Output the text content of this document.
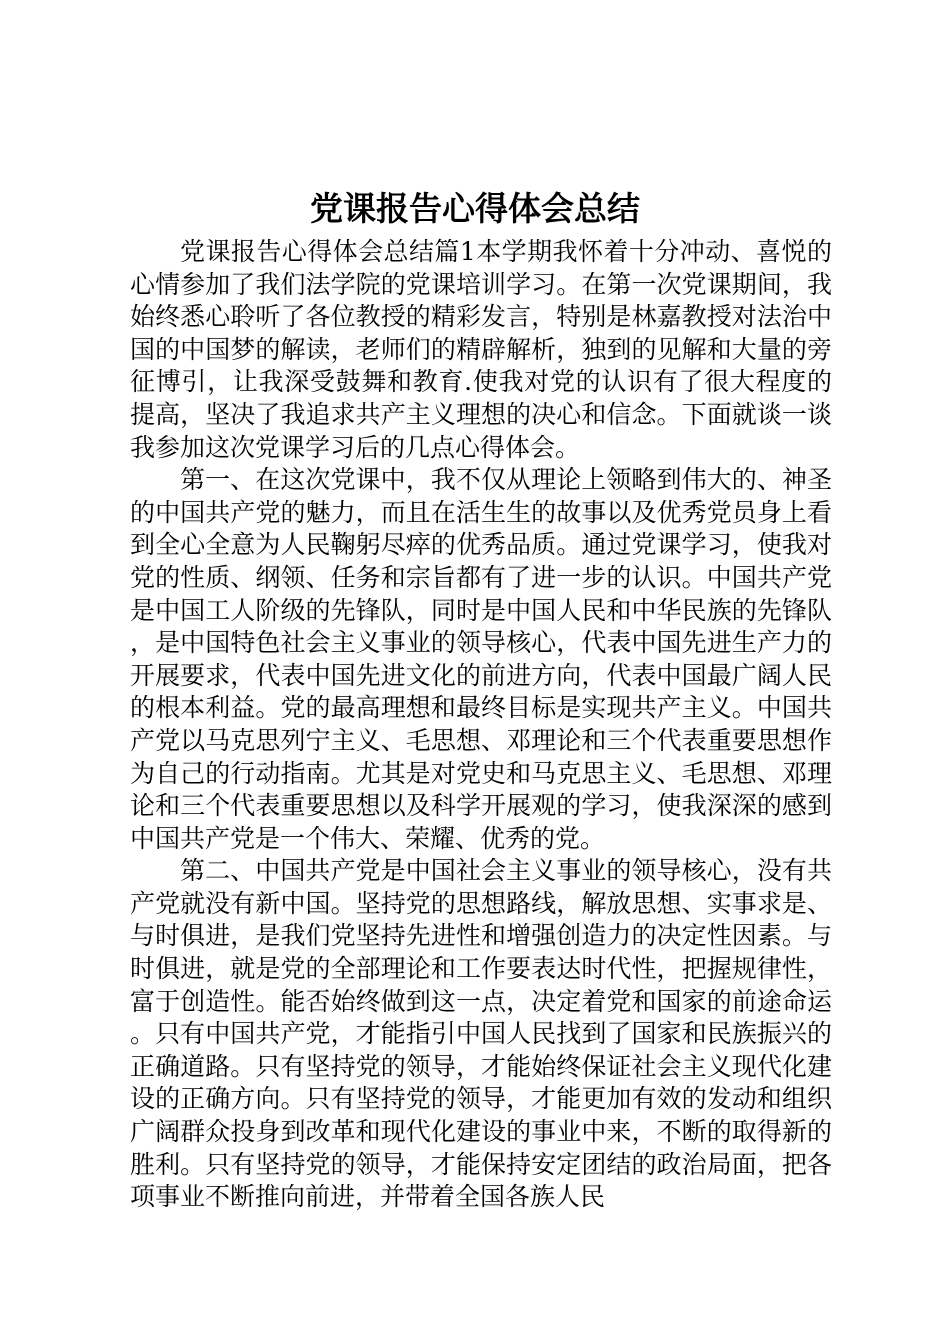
党课报告心得体会总结

党课报告心得体会总结篇1本学期我怀着十分冲动、喜悦的心情参加了我们法学院的党课培训学习。在第一次党课期间，我始终悉心聆听了各位教授的精彩发言，特别是林嘉教授对法治中国的中国梦的解读，老师们的精辟解析，独到的见解和大量的旁征博引，让我深受鼓舞和教育.使我对党的认识有了很大程度的提高，坚决了我追求共产主义理想的决心和信念。下面就谈一谈我参加这次党课学习后的几点心得体会。

第一、在这次党课中，我不仅从理论上领略到伟大的、神圣的中国共产党的魅力，而且在活生生的故事以及优秀党员身上看到全心全意为人民鞠躬尽瘁的优秀品质。通过党课学习，使我对党的性质、纲领、任务和宗旨都有了进一步的认识。中国共产党是中国工人阶级的先锋队，同时是中国人民和中华民族的先锋队，是中国特色社会主义事业的领导核心，代表中国先进生产力的开展要求，代表中国先进文化的前进方向，代表中国最广阔人民的根本利益。党的最高理想和最终目标是实现共产主义。中国共产党以马克思列宁主义、毛思想、邓理论和三个代表重要思想作为自己的行动指南。尤其是对党史和马克思主义、毛思想、邓理论和三个代表重要思想以及科学开展观的学习，使我深深的感到中国共产党是一个伟大、荣耀、优秀的党。

第二、中国共产党是中国社会主义事业的领导核心，没有共产党就没有新中国。坚持党的思想路线，解放思想、实事求是、与时俱进，是我们党坚持先进性和增强创造力的决定性因素。与时俱进，就是党的全部理论和工作要表达时代性，把握规律性，富于创造性。能否始终做到这一点，决定着党和国家的前途命运。只有中国共产党，才能指引中国人民找到了国家和民族振兴的正确道路。只有坚持党的领导，才能始终保证社会主义现代化建设的正确方向。只有坚持党的领导，才能更加有效的发动和组织广阔群众投身到改革和现代化建设的事业中来，不断的取得新的胜利。只有坚持党的领导，才能保持安定团结的政治局面，把各项事业不断推向前进，并带着全国各族人民
